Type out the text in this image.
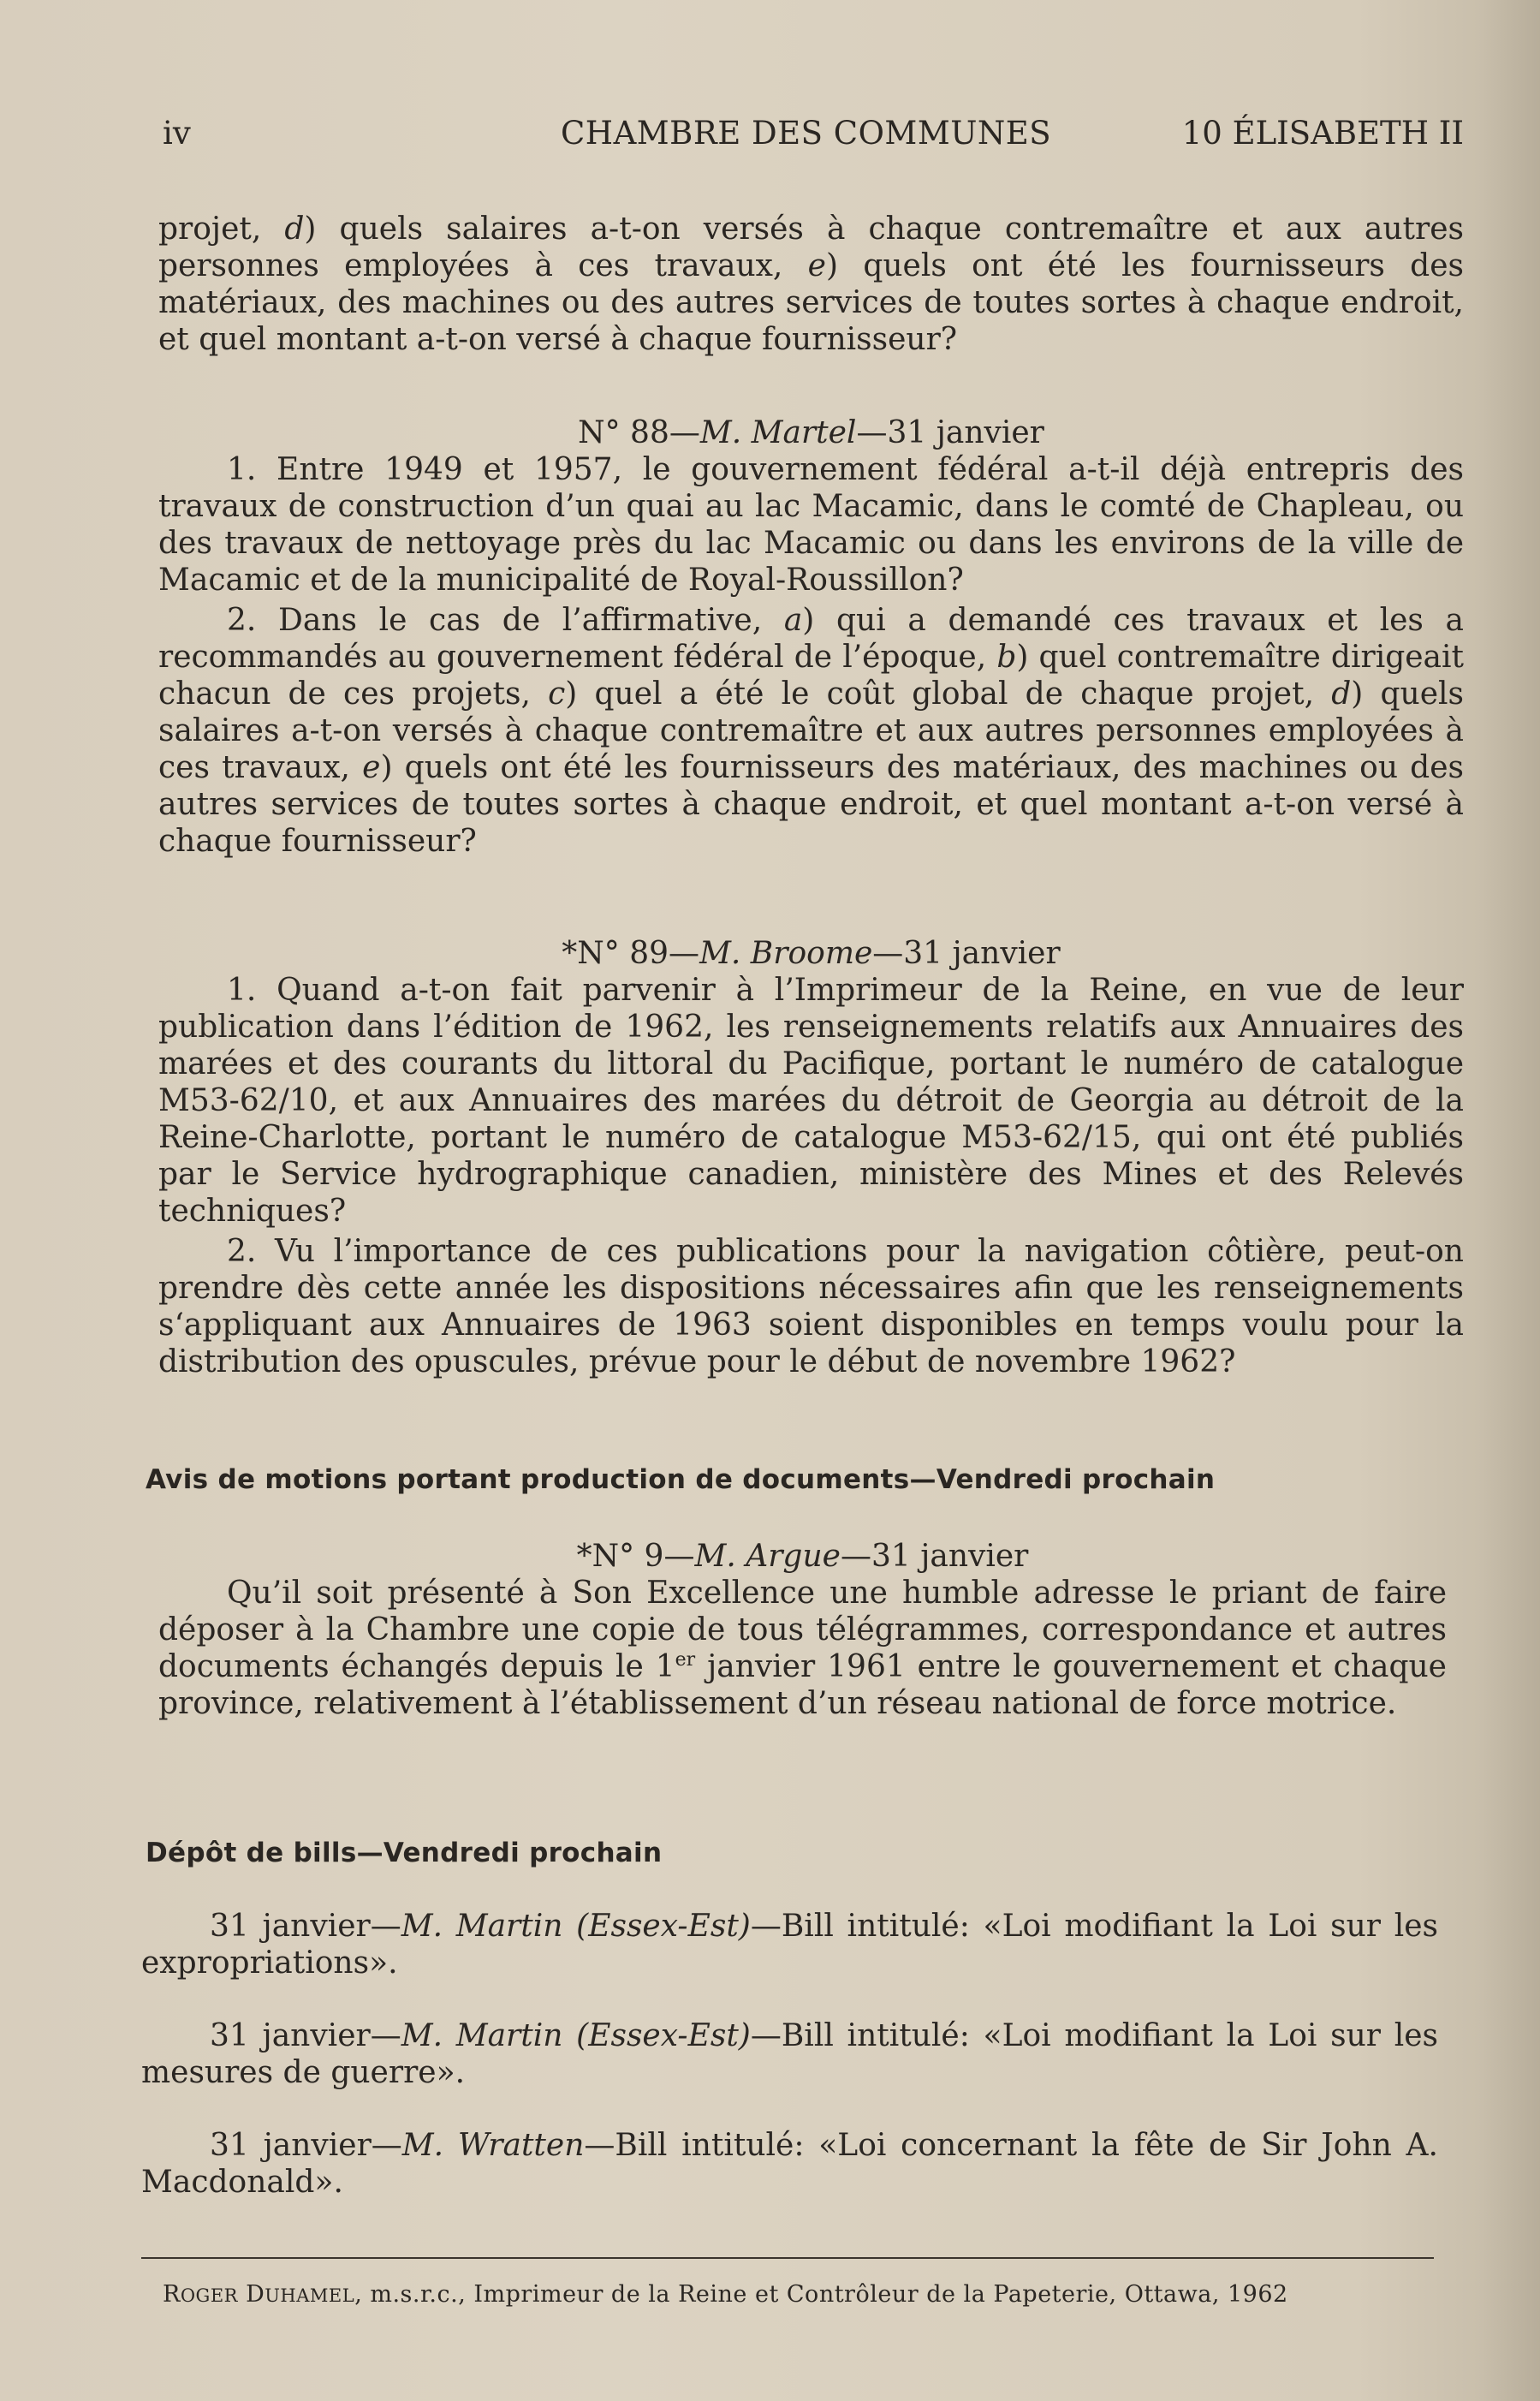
iv	CHAMBRE DES COMMUNES	10 ÉLISABETH II

projet, d) quels salaires a-t-on versés à chaque contremaître et aux autres personnes employées à ces travaux, e) quels ont été les fournisseurs des matériaux, des machines ou des autres services de toutes sortes à chaque endroit, et quel montant a-t-on versé à chaque fournisseur?

N° 88—M. Martel—31 janvier

1. Entre 1949 et 1957, le gouvernement fédéral a-t-il déjà entrepris des travaux de construction d’un quai au lac Macamic, dans le comté de Chapleau, ou des travaux de nettoyage près du lac Macamic ou dans les environs de la ville de Macamic et de la municipalité de Royal-Roussillon?

2. Dans le cas de l’affirmative, a) qui a demandé ces travaux et les a recommandés au gouvernement fédéral de l’époque, b) quel contremaître dirigeait chacun de ces projets, c) quel a été le coût global de chaque projet, d) quels salaires a-t-on versés à chaque contremaître et aux autres personnes employées à ces travaux, e) quels ont été les fournisseurs des matériaux, des machines ou des autres services de toutes sortes à chaque endroit, et quel montant a-t-on versé à chaque fournisseur?

*N° 89—M. Broome—31 janvier

1. Quand a-t-on fait parvenir à l’Imprimeur de la Reine, en vue de leur publication dans l’édition de 1962, les renseignements relatifs aux Annuaires des marées et des courants du littoral du Pacifique, portant le numéro de catalogue M53-62/10, et aux Annuaires des marées du détroit de Georgia au détroit de la Reine-Charlotte, portant le numéro de catalogue M53-62/15, qui ont été publiés par le Service hydrographique canadien, ministère des Mines et des Relevés techniques?

2. Vu l’importance de ces publications pour la navigation côtière, peut-on prendre dès cette année les dispositions nécessaires afin que les renseignements s‘appliquant aux Annuaires de 1963 soient disponibles en temps voulu pour la distribution des opuscules, prévue pour le début de novembre 1962?

Avis de motions portant production de documents—Vendredi prochain

*N° 9—M. Argue—31 janvier

Qu’il soit présenté à Son Excellence une humble adresse le priant de faire déposer à la Chambre une copie de tous télégrammes, correspondance et autres documents échangés depuis le 1er janvier 1961 entre le gouvernement et chaque province, relativement à l’établissement d’un réseau national de force motrice.

Dépôt de bills—Vendredi prochain

31 janvier—M. Martin (Essex-Est)—Bill intitulé: «Loi modifiant la Loi sur les expropriations».

31 janvier—M. Martin (Essex-Est)—Bill intitulé: «Loi modifiant la Loi sur les mesures de guerre».

31 janvier—M. Wratten—Bill intitulé: «Loi concernant la fête de Sir John A. Macdonald».

ROGER DUHAMEL, m.s.r.c., Imprimeur de la Reine et Contrôleur de la Papeterie, Ottawa, 1962
